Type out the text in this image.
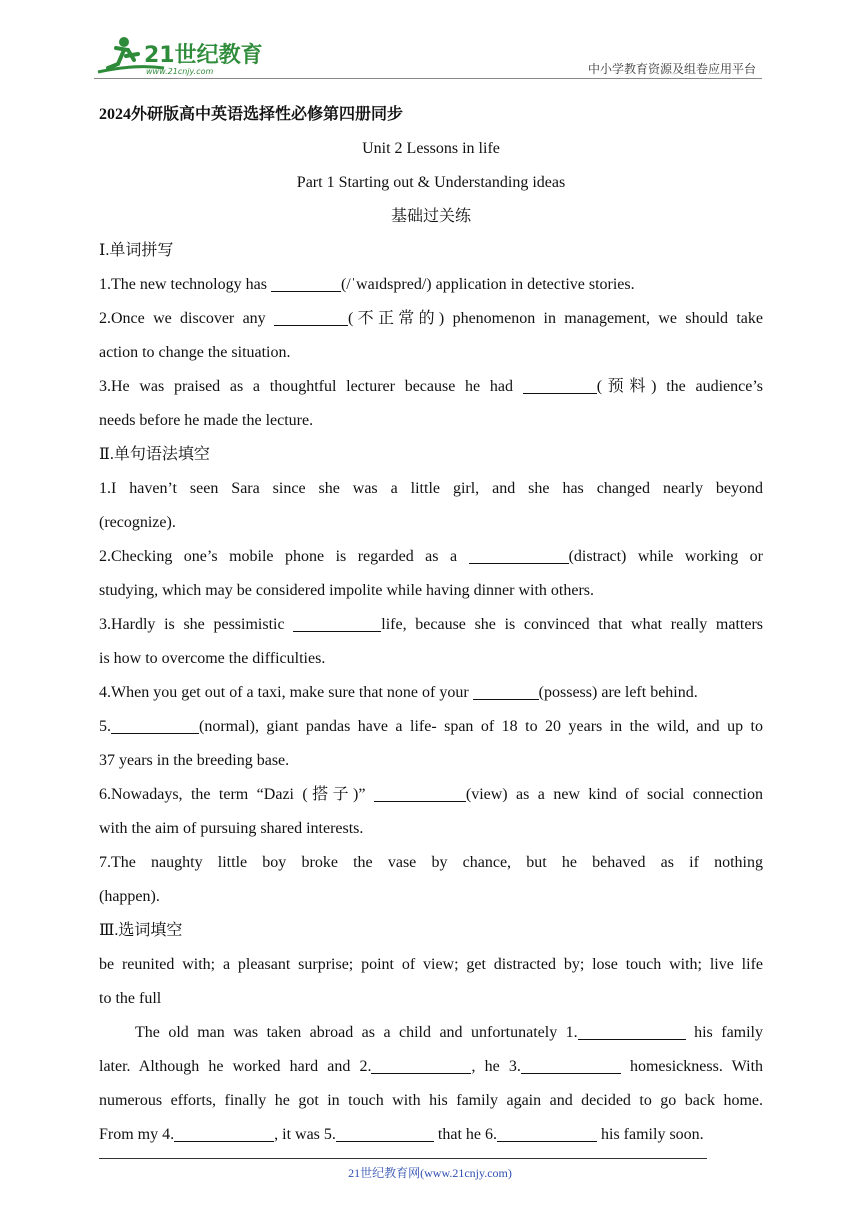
21世纪教育
www.21cnjy.com	中小学教育资源及组卷应用平台

2024外研版高中英语选择性必修第四册同步

Unit 2 Lessons in life

Part 1 Starting out & Understanding ideas

基础过关练

Ⅰ.单词拼写

1.The new technology has	(/ˈwaɪdspred/) application in detective stories.

2.Once we discover any	(不正常的) phenomenon in management, we should take

action to change the situation.

3.He was praised as a thoughtful lecturer because he had	(预料) the audience’s

needs before he made the lecture.

Ⅱ.单句语法填空

1.I haven’t seen Sara since she was a little girl, and she has changed nearly beyond

(recognize).

2.Checking one’s mobile phone is regarded as a	(distract) while working or

studying, which may be considered impolite while having dinner with others.

3.Hardly is she pessimistic	life, because she is convinced that what really matters

is how to overcome the difficulties.

4.When you get out of a taxi, make sure that none of your	(possess) are left behind.

5.	(normal), giant pandas have a life- span of 18 to 20 years in the wild, and up to

37 years in the breeding base.

6.Nowadays, the term “Dazi (搭子)”	(view) as a new kind of social connection

with the aim of pursuing shared interests.

7.The naughty little boy broke the vase by chance, but he behaved as if nothing

(happen).

Ⅲ.选词填空

be reunited with; a pleasant surprise; point of view; get distracted by; lose touch with; live life

to the full

The old man was taken abroad as a child and unfortunately 1.	his family

later. Although he worked hard and 2.	, he 3.	homesickness. With

numerous efforts, finally he got in touch with his family again and decided to go back home.

From my 4.	, it was 5.	that he 6.	his family soon.

21世纪教育网(www.21cnjy.com)
